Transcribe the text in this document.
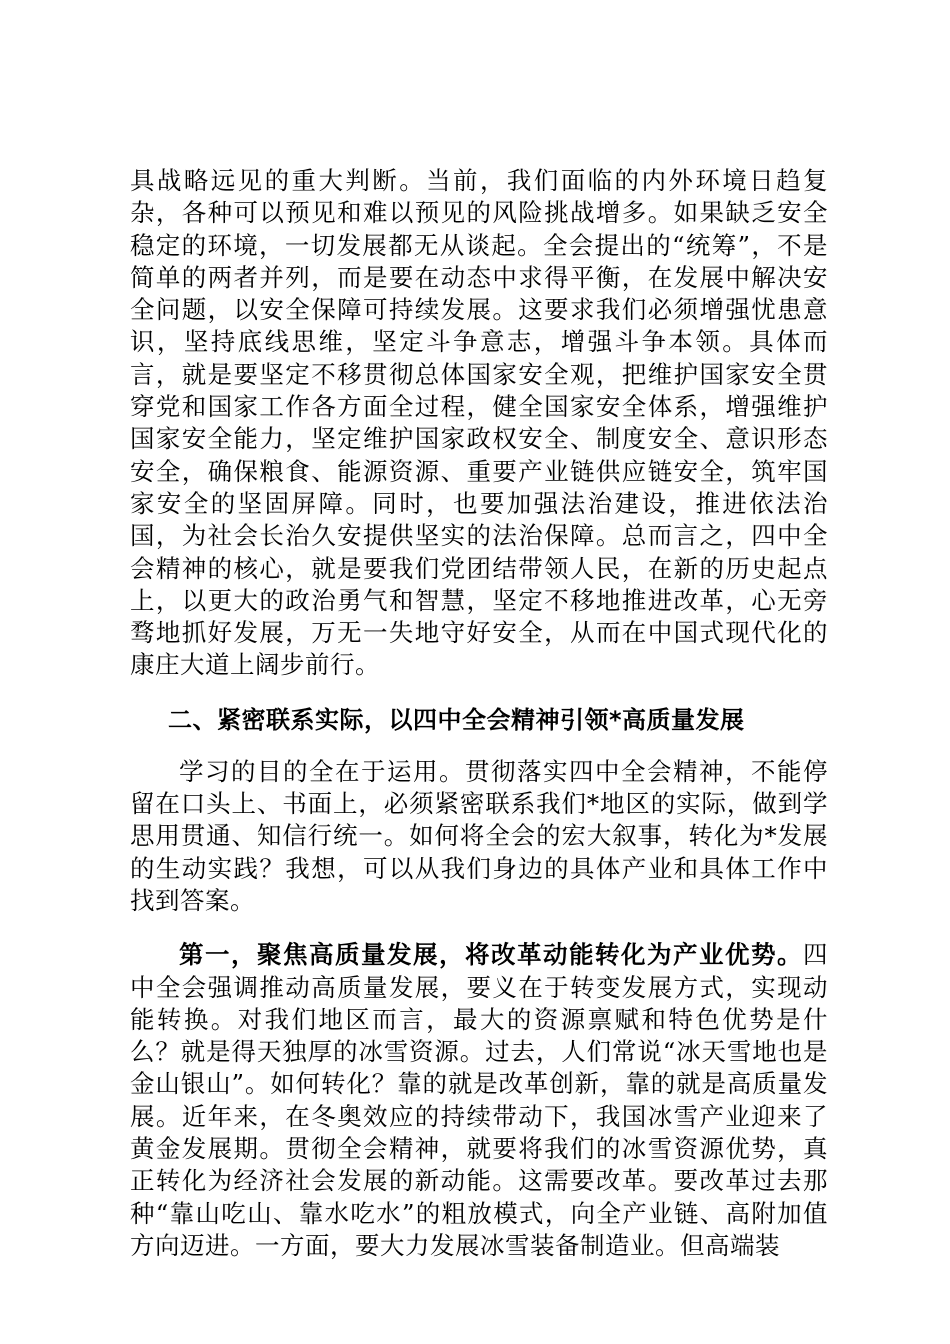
具战略远见的重大判断。当前，我们面临的内外环境日趋复杂，各种可以预见和难以预见的风险挑战增多。如果缺乏安全稳定的环境，一切发展都无从谈起。全会提出的“统筹”，不是简单的两者并列，而是要在动态中求得平衡，在发展中解决安全问题，以安全保障可持续发展。这要求我们必须增强忧患意识，坚持底线思维，坚定斗争意志，增强斗争本领。具体而言，就是要坚定不移贯彻总体国家安全观，把维护国家安全贯穿党和国家工作各方面全过程，健全国家安全体系，增强维护国家安全能力，坚定维护国家政权安全、制度安全、意识形态安全，确保粮食、能源资源、重要产业链供应链安全，筑牢国家安全的坚固屏障。同时，也要加强法治建设，推进依法治国，为社会长治久安提供坚实的法治保障。总而言之，四中全会精神的核心，就是要我们党团结带领人民，在新的历史起点上，以更大的政治勇气和智慧，坚定不移地推进改革，心无旁骛地抓好发展，万无一失地守好安全，从而在中国式现代化的康庄大道上阔步前行。

二、紧密联系实际，以四中全会精神引领*高质量发展

学习的目的全在于运用。贯彻落实四中全会精神，不能停留在口头上、书面上，必须紧密联系我们*地区的实际，做到学思用贯通、知信行统一。如何将全会的宏大叙事，转化为*发展的生动实践？我想，可以从我们身边的具体产业和具体工作中找到答案。

第一，聚焦高质量发展，将改革动能转化为产业优势。四中全会强调推动高质量发展，要义在于转变发展方式，实现动能转换。对我们地区而言，最大的资源禀赋和特色优势是什么？就是得天独厚的冰雪资源。过去，人们常说“冰天雪地也是金山银山”。如何转化？靠的就是改革创新，靠的就是高质量发展。近年来，在冬奥效应的持续带动下，我国冰雪产业迎来了黄金发展期。贯彻全会精神，就要将我们的冰雪资源优势，真正转化为经济社会发展的新动能。这需要改革。要改革过去那种“靠山吃山、靠水吃水”的粗放模式，向全产业链、高附加值方向迈进。一方面，要大力发展冰雪装备制造业。但高端装
